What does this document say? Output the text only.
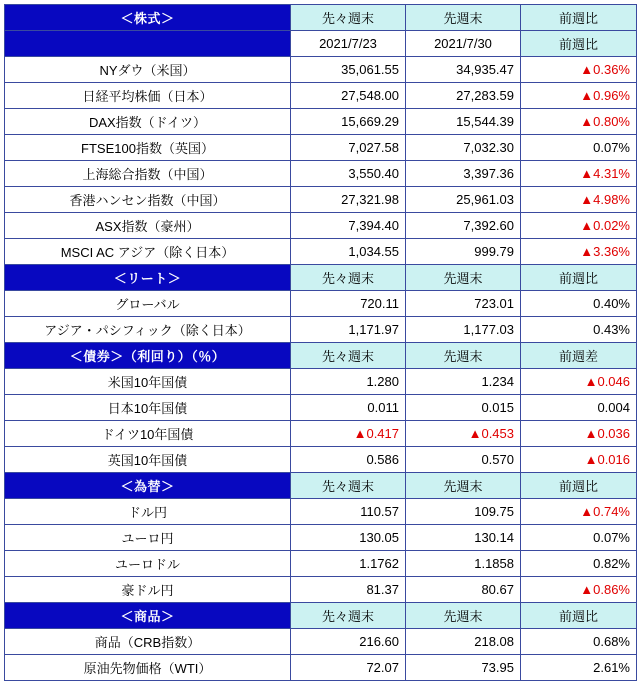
＜株式＞	先々週末	先週末	前週比
	2021/7/23	2021/7/30	前週比
NYダウ（米国）	35,061.55	34,935.47	▲0.36%
日経平均株価（日本）	27,548.00	27,283.59	▲0.96%
DAX指数（ドイツ）	15,669.29	15,544.39	▲0.80%
FTSE100指数（英国）	7,027.58	7,032.30	0.07%
上海総合指数（中国）	3,550.40	3,397.36	▲4.31%
香港ハンセン指数（中国）	27,321.98	25,961.03	▲4.98%
ASX指数（豪州）	7,394.40	7,392.60	▲0.02%
MSCI AC アジア（除く日本）	1,034.55	999.79	▲3.36%
＜リート＞	先々週末	先週末	前週比
グローバル	720.11	723.01	0.40%
アジア・パシフィック（除く日本）	1,171.97	1,177.03	0.43%
＜債券＞（利回り）（％）	先々週末	先週末	前週差
米国10年国債	1.280	1.234	▲0.046
日本10年国債	0.011	0.015	0.004
ドイツ10年国債	▲0.417	▲0.453	▲0.036
英国10年国債	0.586	0.570	▲0.016
＜為替＞	先々週末	先週末	前週比
ドル円	110.57	109.75	▲0.74%
ユーロ円	130.05	130.14	0.07%
ユーロドル	1.1762	1.1858	0.82%
豪ドル円	81.37	80.67	▲0.86%
＜商品＞	先々週末	先週末	前週比
商品（CRB指数）	216.60	218.08	0.68%
原油先物価格（WTI）	72.07	73.95	2.61%
